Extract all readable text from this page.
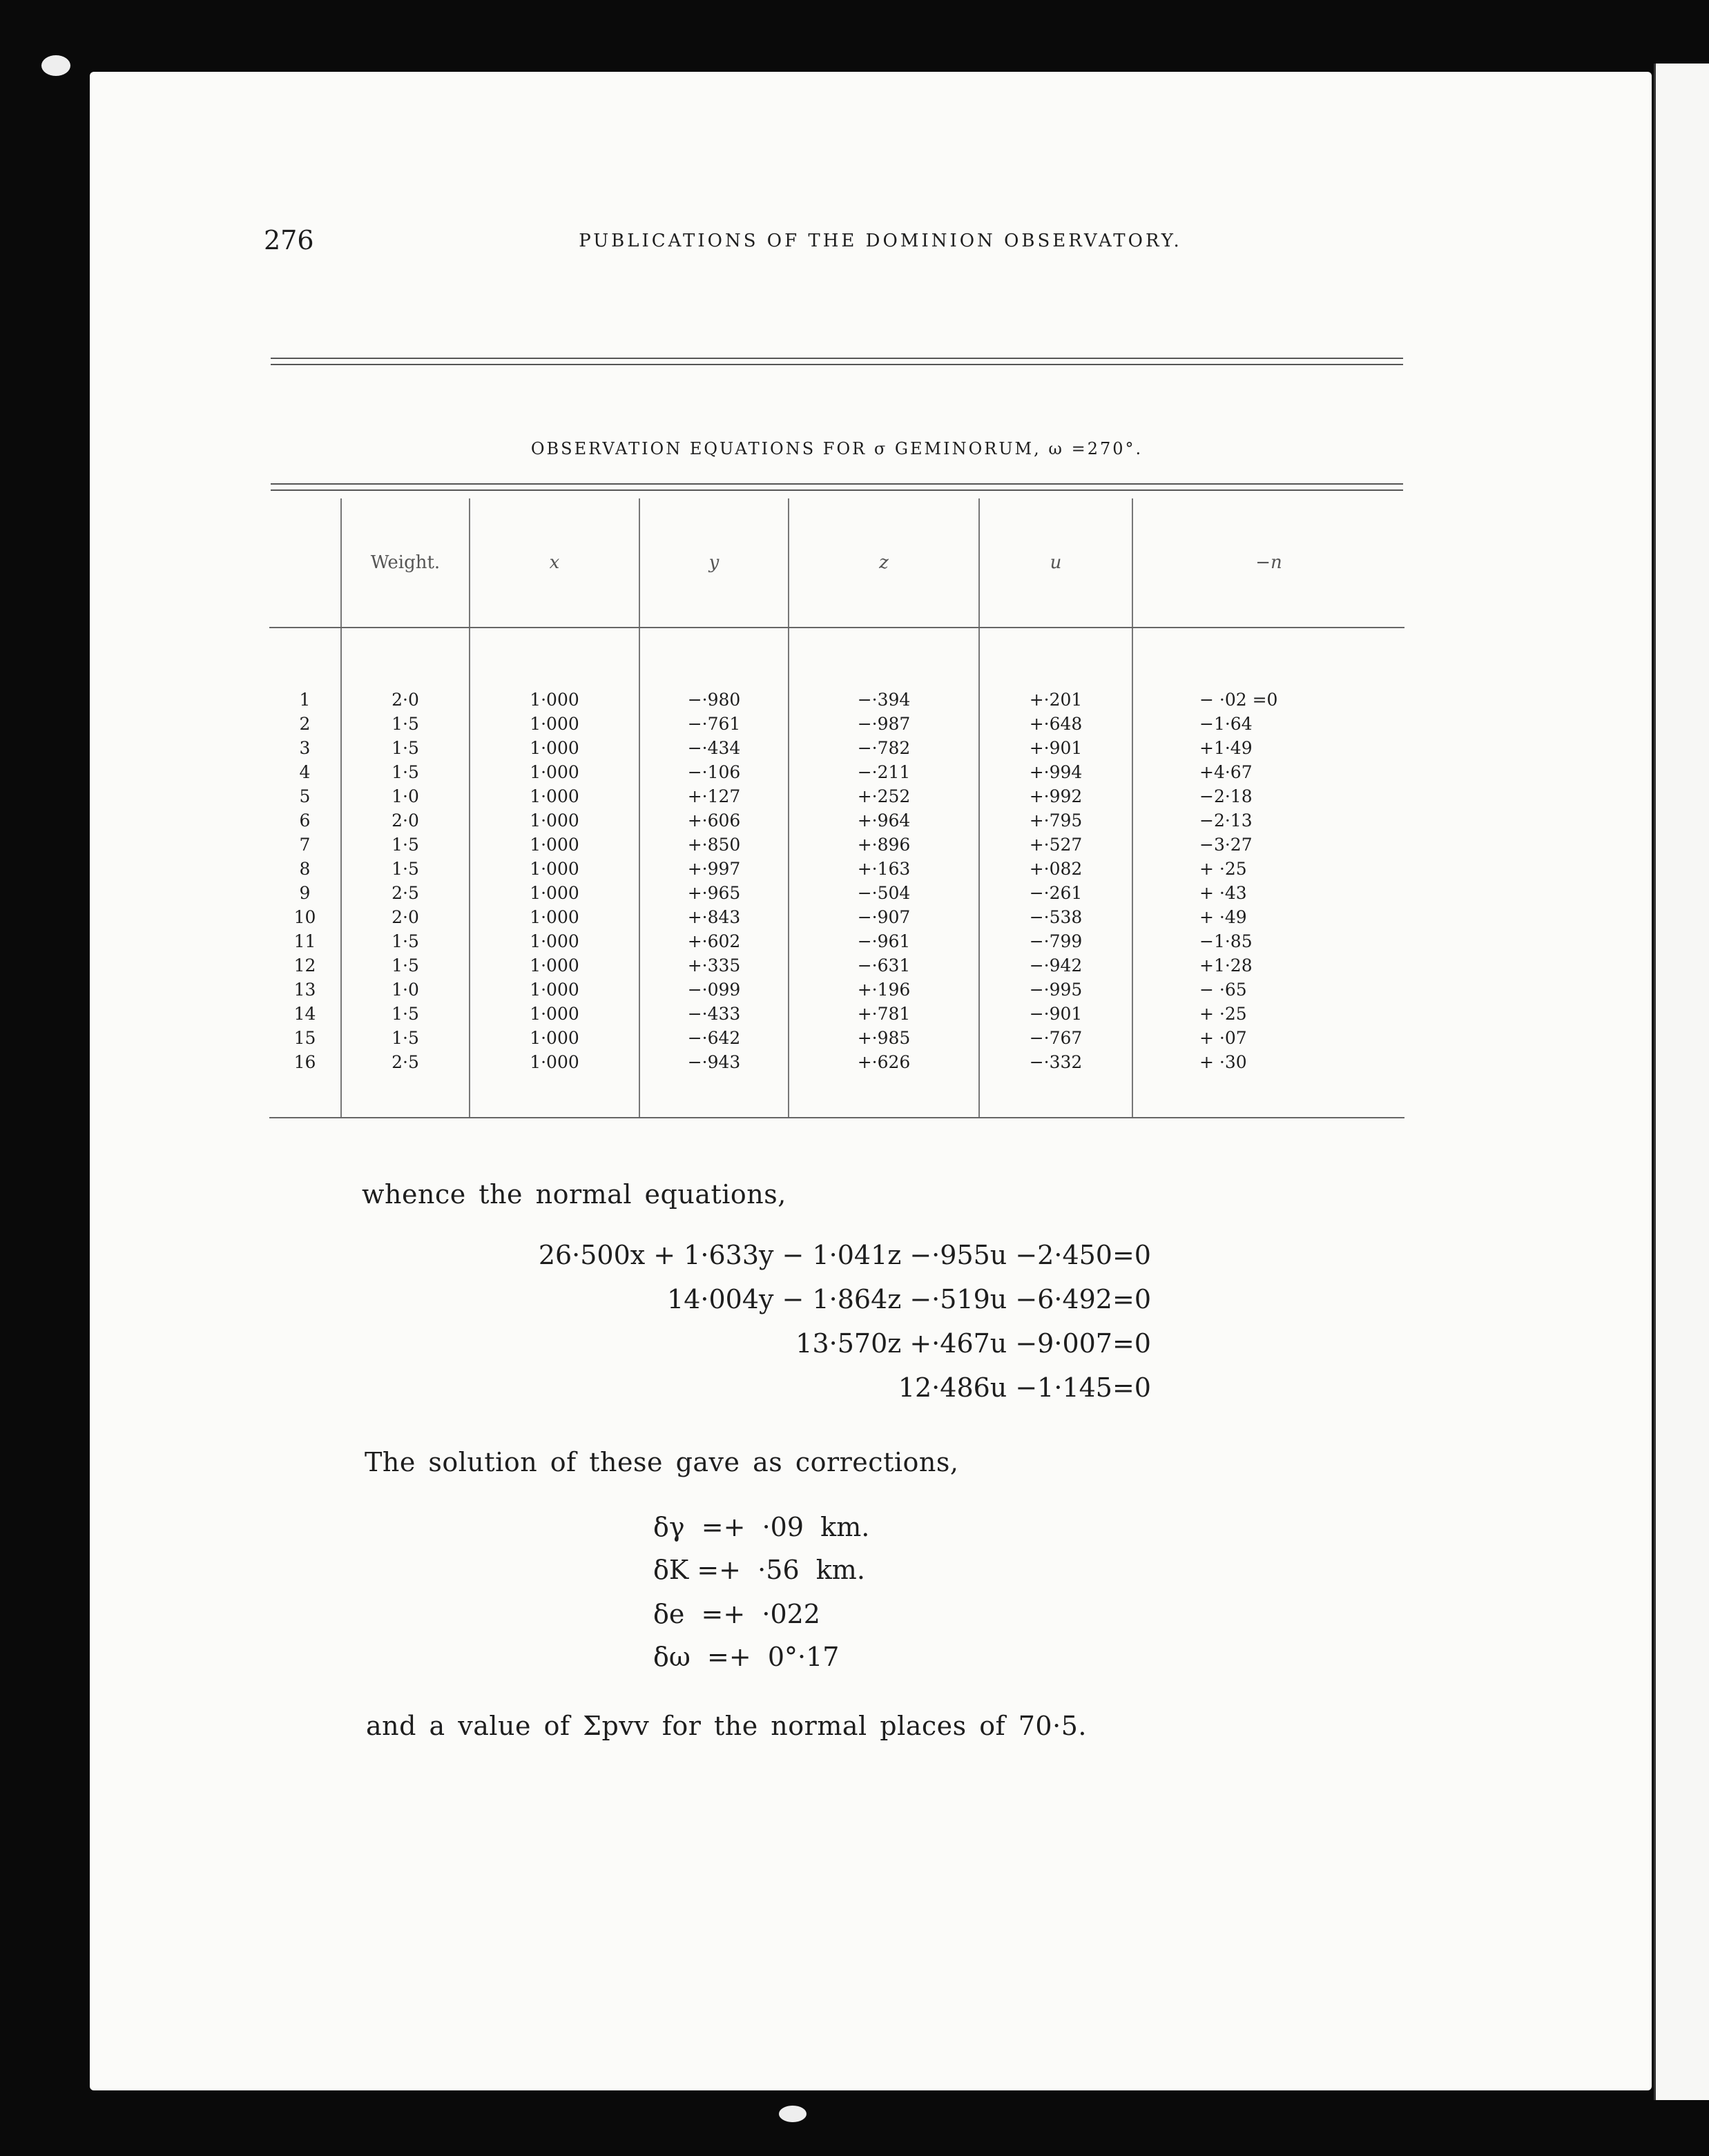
276	PUBLICATIONS OF THE DOMINION OBSERVATORY.
OBSERVATION EQUATIONS FOR σ GEMINORUM, ω =270°.
	Weight.	x	y	z	u	−n

1	2·0	1·000	−·980	−·394	+·201	− ·02 =0
2	1·5	1·000	−·761	−·987	+·648	−1·64
3	1·5	1·000	−·434	−·782	+·901	+1·49
4	1·5	1·000	−·106	−·211	+·994	+4·67
5	1·0	1·000	+·127	+·252	+·992	−2·18
6	2·0	1·000	+·606	+·964	+·795	−2·13
7	1·5	1·000	+·850	+·896	+·527	−3·27
8	1·5	1·000	+·997	+·163	+·082	+ ·25
9	2·5	1·000	+·965	−·504	−·261	+ ·43
10	2·0	1·000	+·843	−·907	−·538	+ ·49
11	1·5	1·000	+·602	−·961	−·799	−1·85
12	1·5	1·000	+·335	−·631	−·942	+1·28
13	1·0	1·000	−·099	+·196	−·995	− ·65
14	1·5	1·000	−·433	+·781	−·901	+ ·25
15	1·5	1·000	−·642	+·985	−·767	+ ·07
16	2·5	1·000	−·943	+·626	−·332	+ ·30

whence the normal equations,
26·500x + 1·633y − 1·041z −·955u −2·450=0
14·004y − 1·864z −·519u −6·492=0
13·570z +·467u −9·007=0
12·486u −1·145=0
The solution of these gave as corrections,
δγ  =+  ·09  km.
δK =+  ·56  km.
δe  =+  ·022
δω  =+  0°·17
and a value of Σpvv for the normal places of 70·5.
